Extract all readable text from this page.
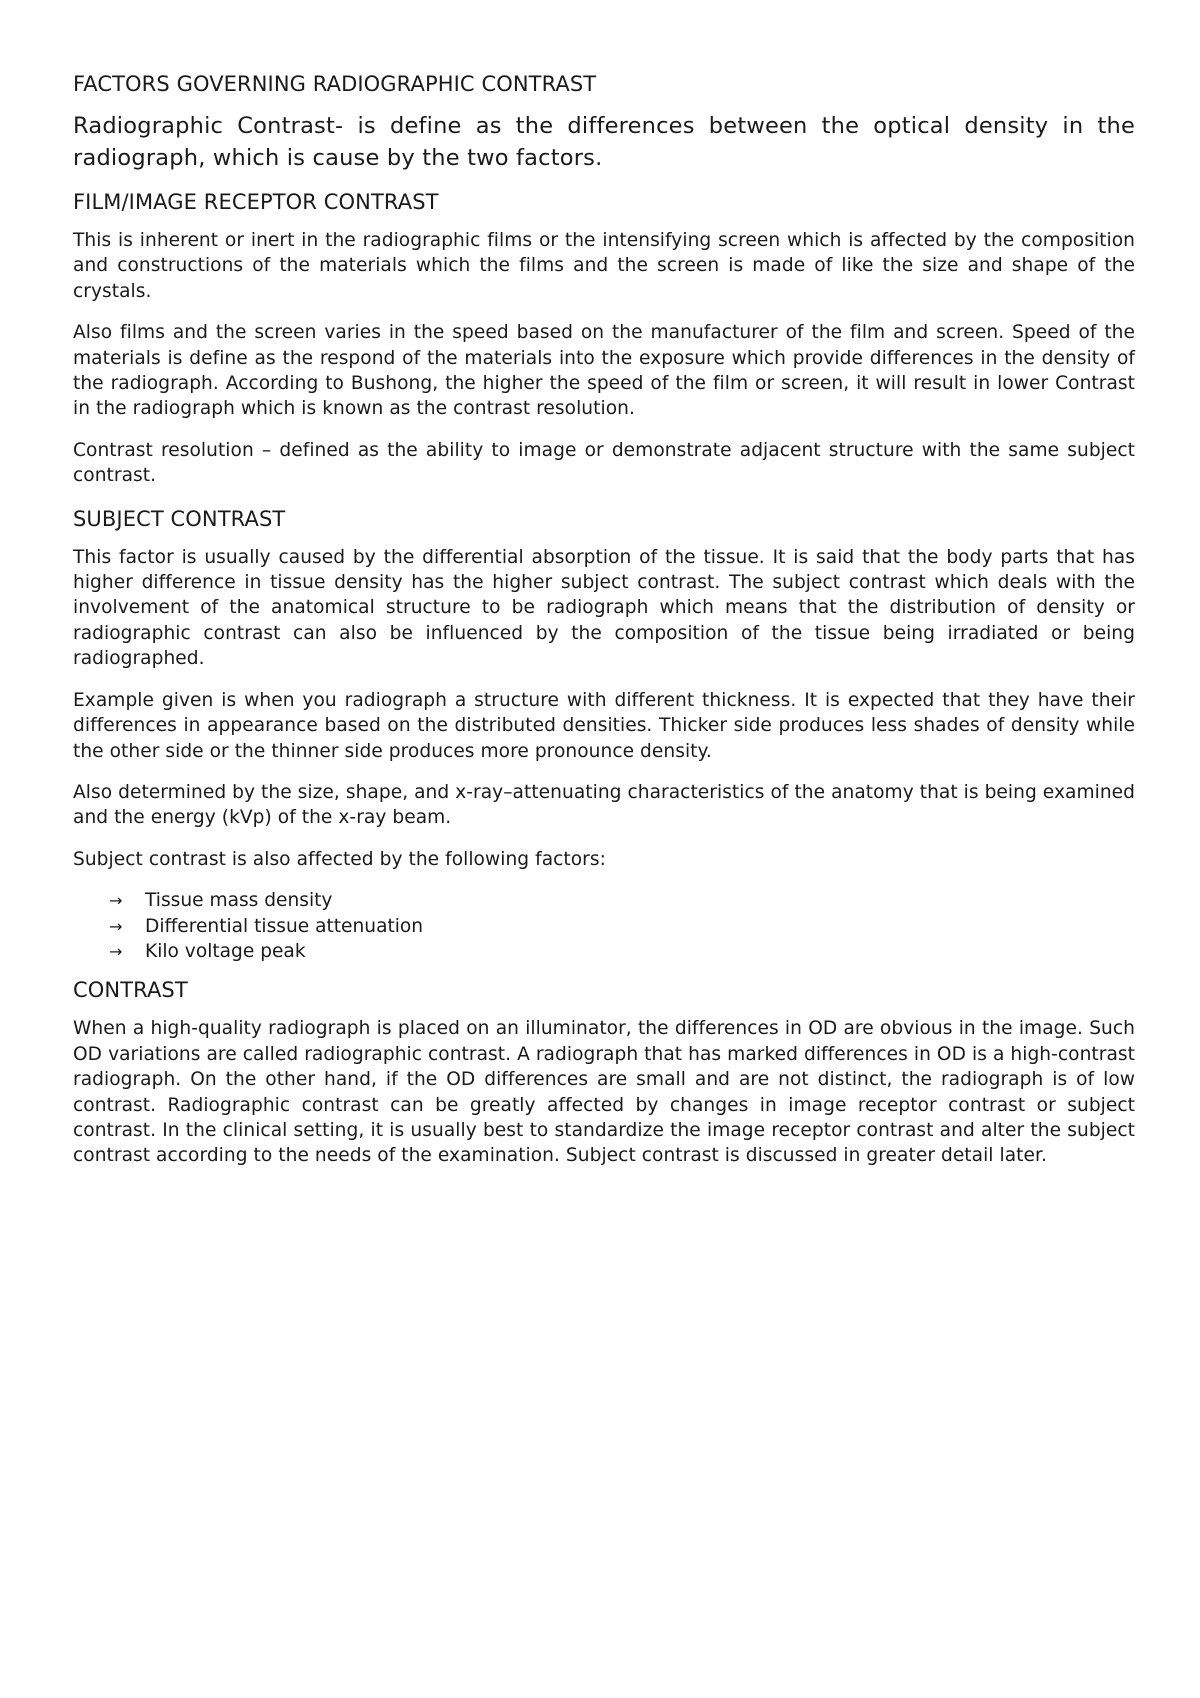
FACTORS GOVERNING RADIOGRAPHIC CONTRAST

Radiographic Contrast- is define as the differences between the optical density in the radiograph, which is cause by the two factors.

FILM/IMAGE RECEPTOR CONTRAST

This is inherent or inert in the radiographic films or the intensifying screen which is affected by the composition and constructions of the materials which the films and the screen is made of like the size and shape of the crystals.

Also films and the screen varies in the speed based on the manufacturer of the film and screen. Speed of the materials is define as the respond of the materials into the exposure which provide differences in the density of the radiograph. According to Bushong, the higher the speed of the film or screen, it will result in lower Contrast in the radiograph which is known as the contrast resolution.

Contrast resolution – defined as the ability to image or demonstrate adjacent structure with the same subject contrast.

SUBJECT CONTRAST

This factor is usually caused by the differential absorption of the tissue. It is said that the body parts that has higher difference in tissue density has the higher subject contrast. The subject contrast which deals with the involvement of the anatomical structure to be radiograph which means that the distribution of density or radiographic contrast can also be influenced by the composition of the tissue being irradiated or being radiographed.

Example given is when you radiograph a structure with different thickness. It is expected that they have their differences in appearance based on the distributed densities. Thicker side produces less shades of density while the other side or the thinner side produces more pronounce density.

Also determined by the size, shape, and x-ray–attenuating characteristics of the anatomy that is being examined and the energy (kVp) of the x-ray beam.

Subject contrast is also affected by the following factors:

→	Tissue mass density
→	Differential tissue attenuation
→	Kilo voltage peak
CONTRAST

When a high-quality radiograph is placed on an illuminator, the differences in OD are obvious in the image. Such OD variations are called radiographic contrast. A radiograph that has marked differences in OD is a high-contrast radiograph. On the other hand, if the OD differences are small and are not distinct, the radiograph is of low contrast. Radiographic contrast can be greatly affected by changes in image receptor contrast or subject contrast. In the clinical setting, it is usually best to standardize the image receptor contrast and alter the subject contrast according to the needs of the examination. Subject contrast is discussed in greater detail later.
